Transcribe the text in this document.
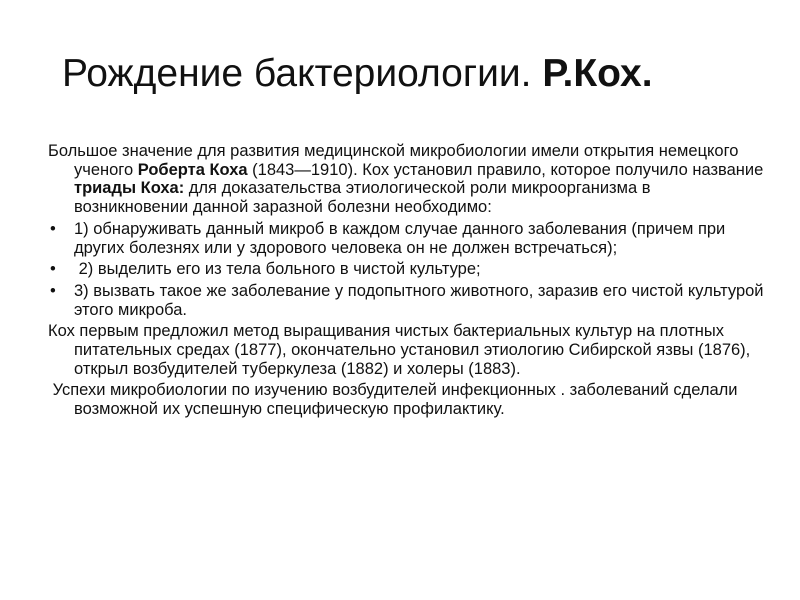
Рождение бактериологии. Р.Кох.

Большое значение для развития медицинской микробиологии имели открытия немецкого ученого Роберта Коха (1843—1910). Кох установил правило, которое получило название триады Коха: для доказательства этиологической роли микроорганизма в возникновении данной заразной болезни необходимо:

• 1) обнаруживать данный микроб в каждом случае данного заболевания (причем при других болезнях или у здорового человека он не должен встречаться);
• 2) выделить его из тела больного в чистой культуре;
• 3) вызвать такое же заболевание у подопытного животного, заразив его чистой культурой этого микроба.

Кох первым предложил метод выращивания чистых бактериальных культур на плотных питательных средах (1877), окончательно установил этиологию Сибирской язвы (1876), открыл возбудителей туберкулеза (1882) и холеры (1883).

Успехи микробиологии по изучению возбудителей инфекционных . заболеваний сделали возможной их успешную специфическую профилактику.
